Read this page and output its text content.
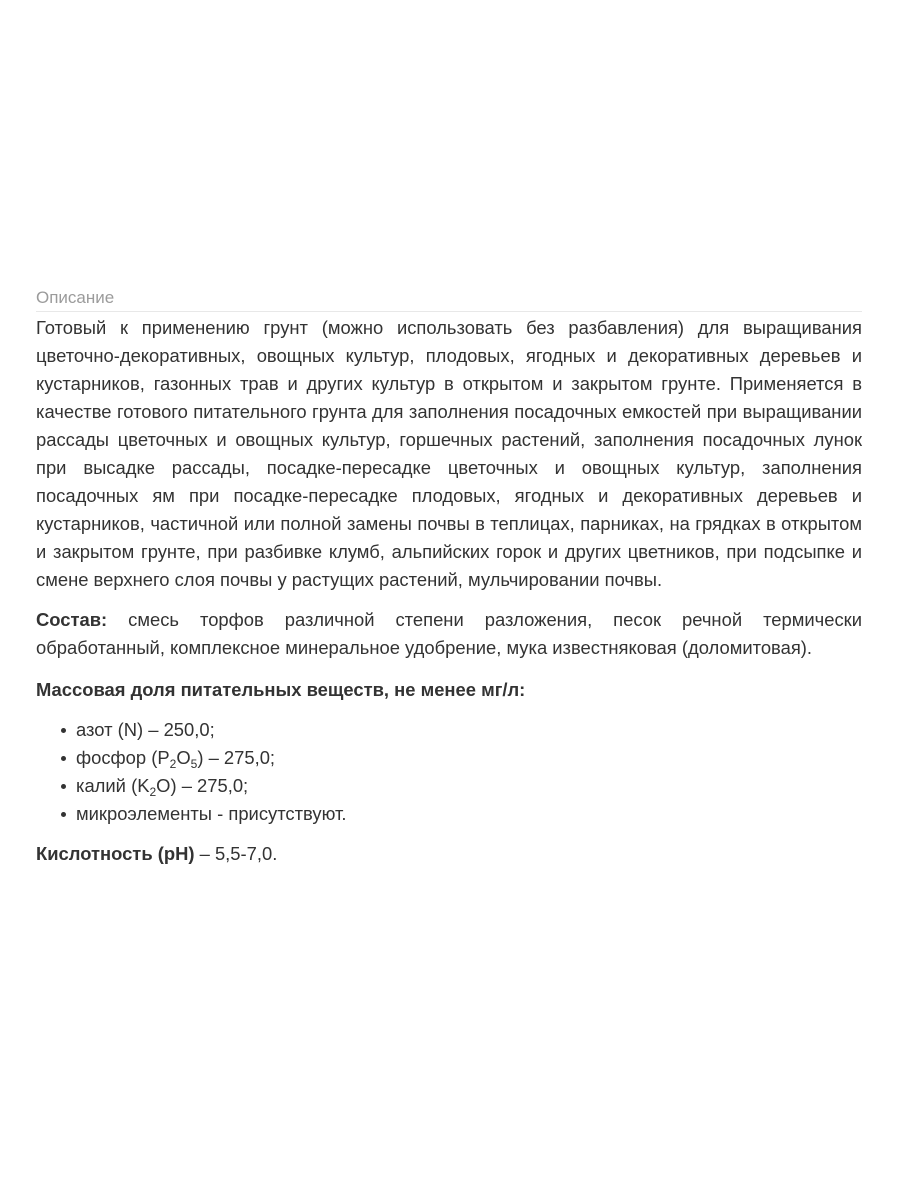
Описание

Готовый к применению грунт (можно использовать без разбавления) для выращивания цветочно-декоративных, овощных культур, плодовых, ягодных и декоративных деревьев и кустарников, газонных трав и других культур в открытом и закрытом грунте. Применяется в качестве готового питательного грунта для заполнения посадочных емкостей при выращивании рассады цветочных и овощных культур, горшечных растений, заполнения посадочных лунок при высадке рассады, посадке-пересадке цветочных и овощных культур, заполнения посадочных ям при посадке-пересадке плодовых, ягодных и декоративных деревьев и кустарников, частичной или полной замены почвы в теплицах, парниках, на грядках в открытом и закрытом грунте, при разбивке клумб, альпийских горок и других цветников, при подсыпке и смене верхнего слоя почвы у растущих растений, мульчировании почвы.

Состав: смесь торфов различной степени разложения, песок речной термически обработанный, комплексное минеральное удобрение, мука известняковая (доломитовая).

Массовая доля питательных веществ, не менее мг/л:

азот (N) – 250,0;
фосфор $(P_2O_5) - 275,0$;
калий $(K_2O) - 275,0$;
микроэлементы - присутствуют.

Кислотность (pH) – 5,5-7,0.
